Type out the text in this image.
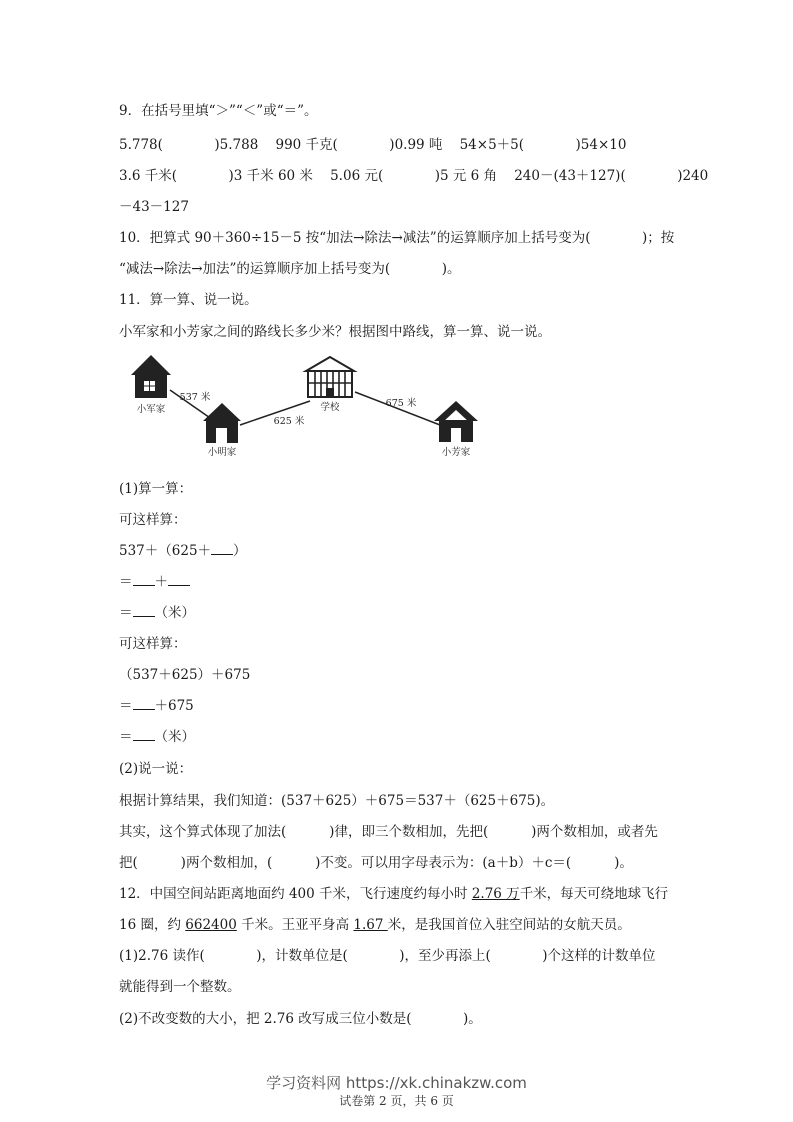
9．在括号里填“＞”“＜”或“＝”。
5.778(            )5.788    990 千克(            )0.99 吨    54×5＋5(            )54×10
3.6 千米(            )3 千米 60 米    5.06 元(            )5 元 6 角    240－(43＋127)(            )240
－43－127
10．把算式 90＋360÷15－5 按“加法→除法→减法”的运算顺序加上括号变为(            )；按
“减法→除法→加法”的运算顺序加上括号变为(            )。
11．算一算、说一说。
小军家和小芳家之间的路线长多少米？根据图中路线，算一算、说一说。
小军家
小明家
学校
小芳家
537 米
625 米
675 米
(1)算一算：
可这样算：
537＋（625＋ ）
＝ ＋
＝ （米）
可这样算：
（537＋625）＋675
＝ ＋675
＝ （米）
(2)说一说：
根据计算结果，我们知道：(537＋625）＋675＝537＋（625＋675)。
其实，这个算式体现了加法(          )律，即三个数相加，先把(          )两个数相加，或者先
把(          )两个数相加，(          )不变。可以用字母表示为：(a＋b）＋c＝(          )。
12．中国空间站距离地面约 400 千米，飞行速度约每小时 2.76 万千米，每天可绕地球飞行
16 圈，约 662400 千米。王亚平身高 1.67 米，是我国首位入驻空间站的女航天员。
(1)2.76 读作(            )，计数单位是(            )，至少再添上(            )个这样的计数单位
就能得到一个整数。
(2)不改变数的大小，把 2.76 改写成三位小数是(            )。
学习资料网 https://xk.chinakzw.com
试卷第 2 页，共 6 页
